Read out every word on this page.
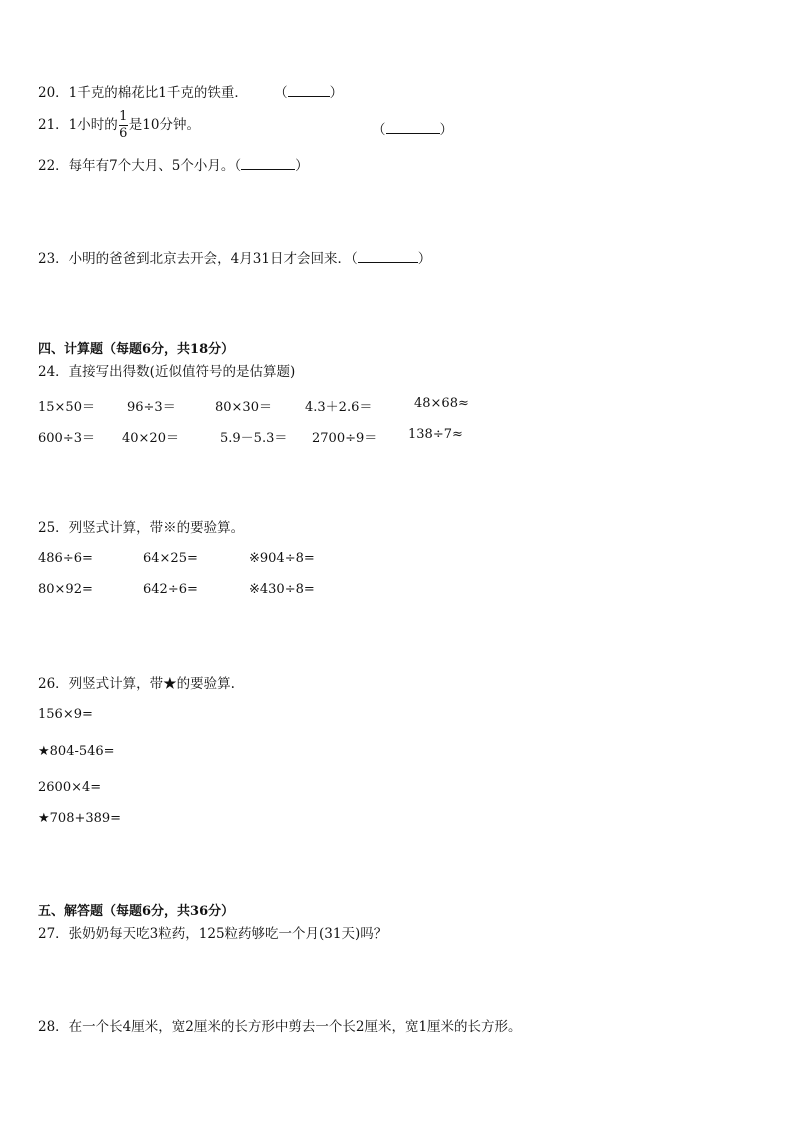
20．1千克的棉花比1千克的铁重． （	）
21．1小时的 $\frac{1}{6}$ 是10分钟。	（	）
22．每年有7个大月、5个小月。（	）
23．小明的爸爸到北京去开会，4月31日才会回来．（	）
四、计算题（每题6分，共18分）
24．直接写出得数(近似值符号的是估算题)
15×50＝ 96÷3＝	80×30＝	4.3＋2.6＝	48×68≈
600÷3＝ 40×20＝	5.9－5.3＝ 2700÷9＝ 138÷7≈
25．列竖式计算，带※的要验算。
486÷6=	64×25=	※904÷8=
80×92=	642÷6=	※430÷8=
26．列竖式计算，带★的要验算.
156×9=
★804-546=
2600×4=
★708+389=
五、解答题（每题6分，共36分）
27．张奶奶每天吃3粒药，125粒药够吃一个月(31天)吗？
28．在一个长4厘米，宽2厘米的长方形中剪去一个长2厘米，宽1厘米的长方形。
